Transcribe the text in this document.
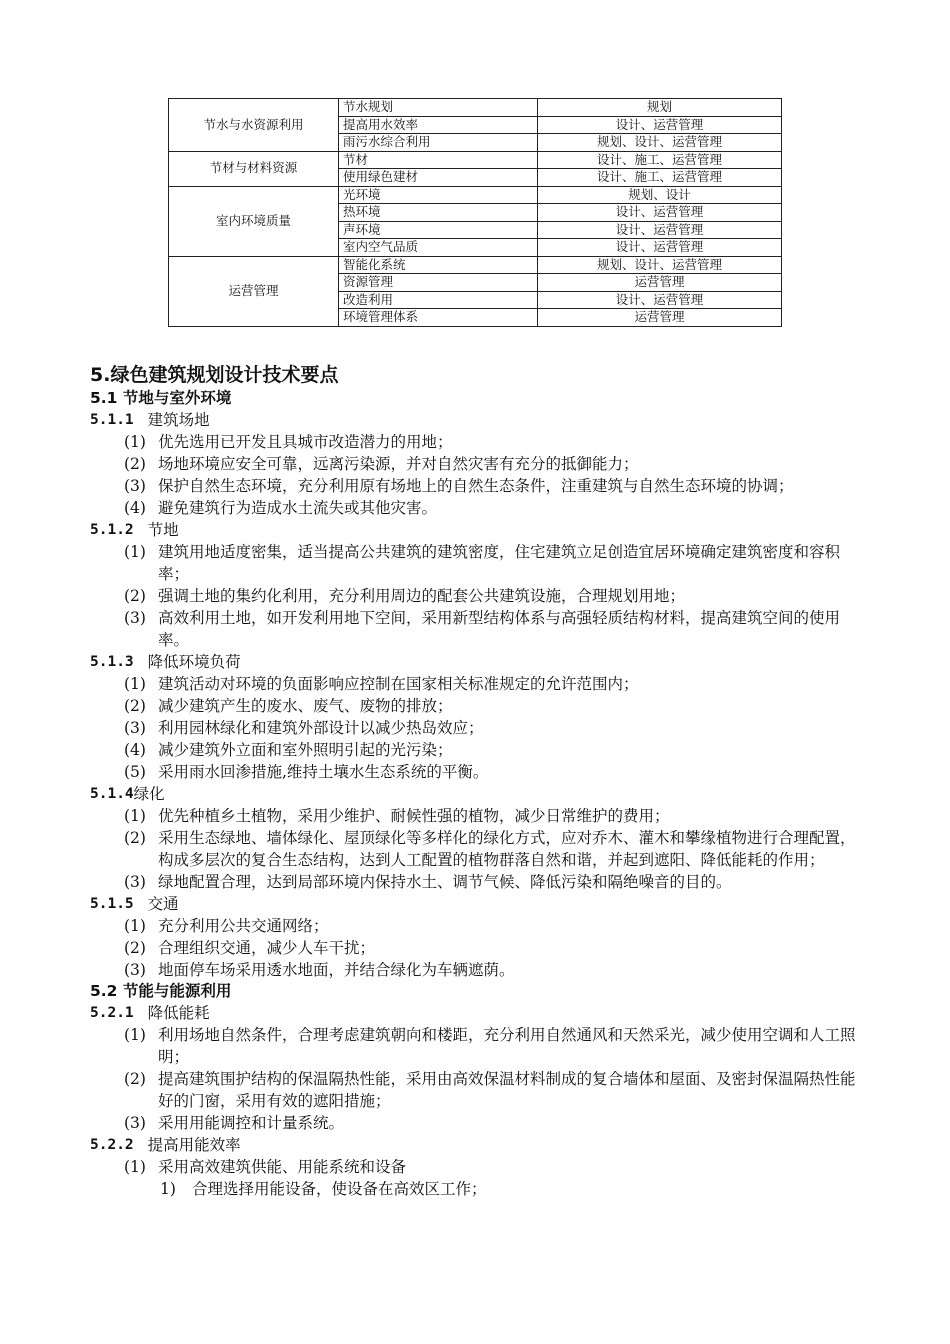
节水与水资源利用	节水规划	规划
	提高用水效率	设计、运营管理
	雨污水综合利用	规划、设计、运营管理
节材与材料资源	节材	设计、施工、运营管理
	使用绿色建材	设计、施工、运营管理
室内环境质量	光环境	规划、设计
	热环境	设计、运营管理
	声环境	设计、运营管理
	室内空气品质	设计、运营管理
运营管理	智能化系统	规划、设计、运营管理
	资源管理	运营管理
	改造利用	设计、运营管理
	环境管理体系	运营管理
5.绿色建筑规划设计技术要点
5.1 节地与室外环境
5.1.1 建筑场地
(1) 优先选用已开发且具城市改造潜力的用地；
(2) 场地环境应安全可靠，远离污染源，并对自然灾害有充分的抵御能力；
(3) 保护自然生态环境，充分利用原有场地上的自然生态条件，注重建筑与自然生态环境的协调；
(4) 避免建筑行为造成水土流失或其他灾害。
5.1.2 节地
(1) 建筑用地适度密集，适当提高公共建筑的建筑密度，住宅建筑立足创造宜居环境确定建筑密度和容积率；
(2) 强调土地的集约化利用，充分利用周边的配套公共建筑设施，合理规划用地；
(3) 高效利用土地，如开发利用地下空间，采用新型结构体系与高强轻质结构材料，提高建筑空间的使用率。
5.1.3 降低环境负荷
(1) 建筑活动对环境的负面影响应控制在国家相关标准规定的允许范围内；
(2) 减少建筑产生的废水、废气、废物的排放；
(3) 利用园林绿化和建筑外部设计以减少热岛效应；
(4) 减少建筑外立面和室外照明引起的光污染；
(5) 采用雨水回渗措施,维持土壤水生态系统的平衡。
5.1.4 绿化
(1) 优先种植乡土植物，采用少维护、耐候性强的植物，减少日常维护的费用；
(2) 采用生态绿地、墙体绿化、屋顶绿化等多样化的绿化方式，应对乔木、灌木和攀缘植物进行合理配置，构成多层次的复合生态结构，达到人工配置的植物群落自然和谐，并起到遮阳、降低能耗的作用；
(3) 绿地配置合理，达到局部环境内保持水土、调节气候、降低污染和隔绝噪音的目的。
5.1.5 交通
(1) 充分利用公共交通网络；
(2) 合理组织交通，减少人车干扰；
(3) 地面停车场采用透水地面，并结合绿化为车辆遮荫。
5.2 节能与能源利用
5.2.1 降低能耗
(1) 利用场地自然条件，合理考虑建筑朝向和楼距，充分利用自然通风和天然采光，减少使用空调和人工照明；
(2) 提高建筑围护结构的保温隔热性能，采用由高效保温材料制成的复合墙体和屋面、及密封保温隔热性能好的门窗，采用有效的遮阳措施；
(3) 采用用能调控和计量系统。
5.2.2 提高用能效率
(1) 采用高效建筑供能、用能系统和设备
1)	合理选择用能设备，使设备在高效区工作；
